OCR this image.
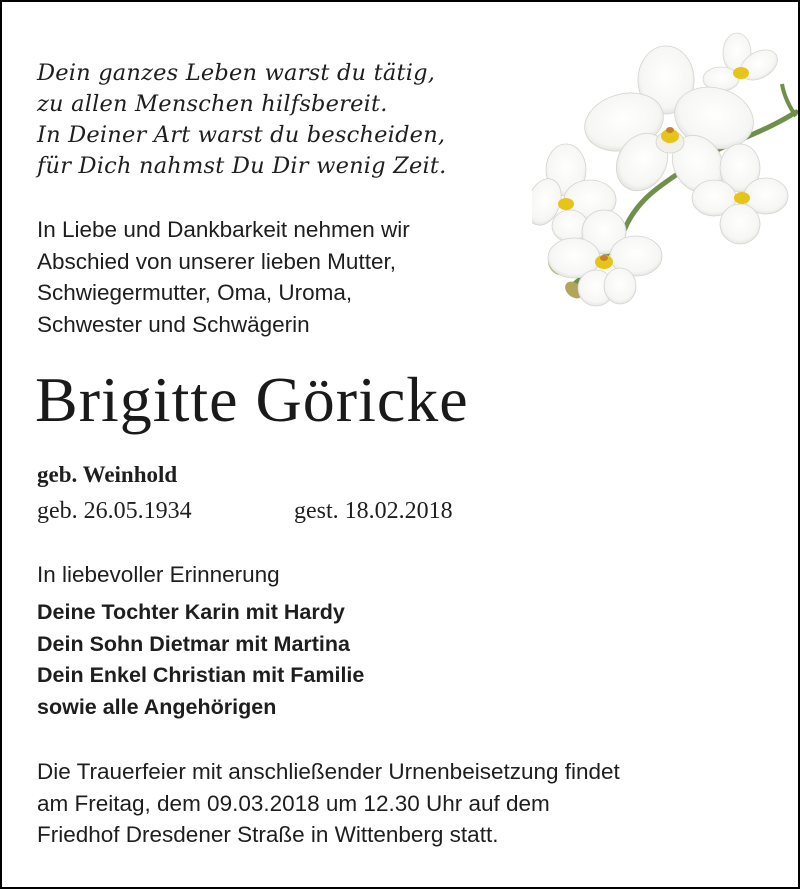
Dein ganzes Leben warst du tätig,
zu allen Menschen hilfsbereit.
In Deiner Art warst du bescheiden,
für Dich nahmst Du Dir wenig Zeit.
In Liebe und Dankbarkeit nehmen wir
Abschied von unserer lieben Mutter,
Schwiegermutter, Oma, Uroma,
Schwester und Schwägerin
Brigitte Göricke
geb. Weinhold
geb. 26.05.1934	gest. 18.02.2018
In liebevoller Erinnerung
Deine Tochter Karin mit Hardy
Dein Sohn Dietmar mit Martina
Dein Enkel Christian mit Familie
sowie alle Angehörigen
Die Trauerfeier mit anschließender Urnenbeisetzung findet
am Freitag, dem 09.03.2018 um 12.30 Uhr auf dem
Friedhof Dresdener Straße in Wittenberg statt.
